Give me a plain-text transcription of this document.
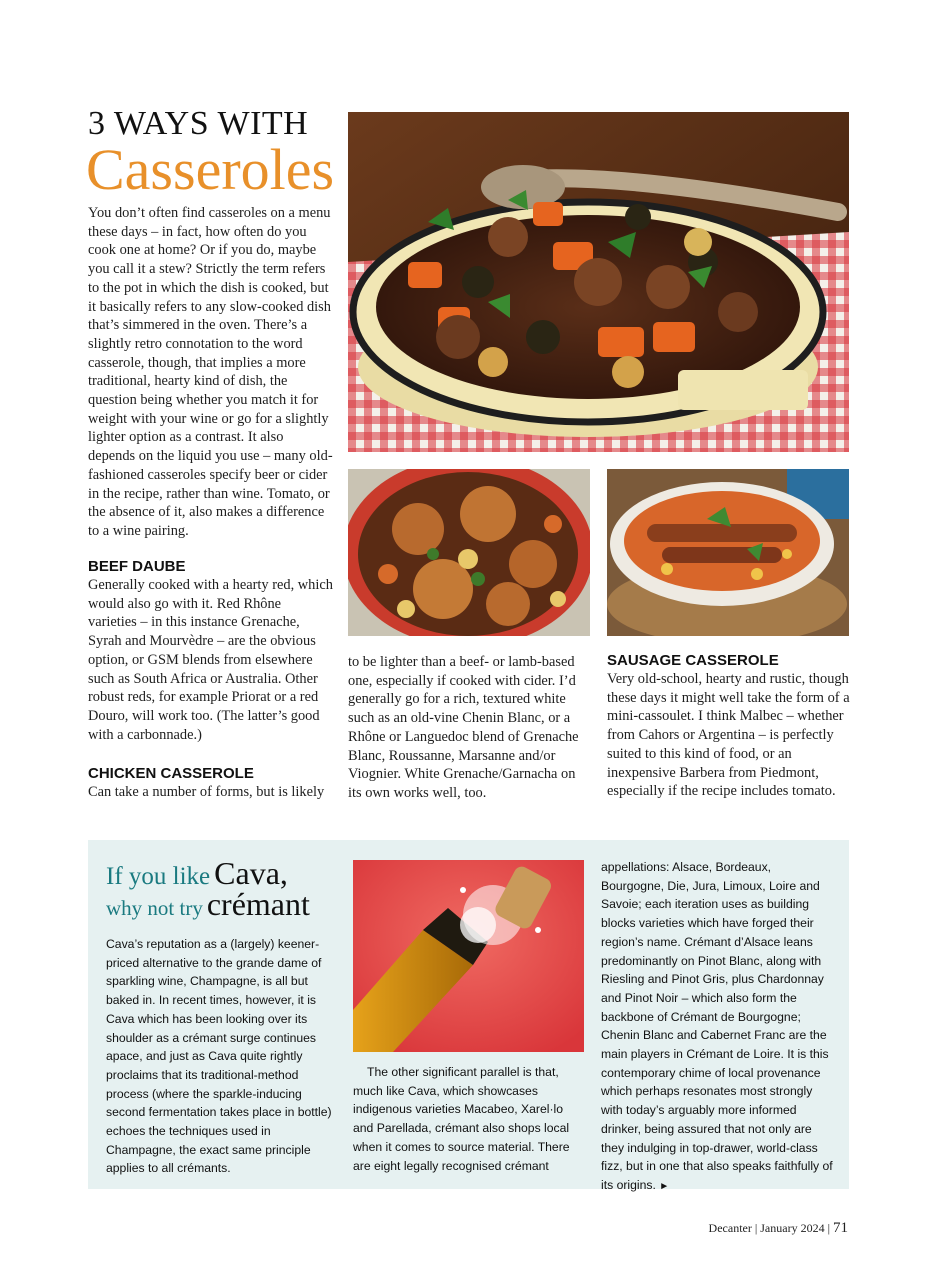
3 WAYS WITH
Casseroles

You don’t often find casseroles on a menu these days – in fact, how often do you cook one at home? Or if you do, maybe you call it a stew? Strictly the term refers to the pot in which the dish is cooked, but it basically refers to any slow-cooked dish that’s simmered in the oven. There’s a slightly retro connotation to the word casserole, though, that implies a more traditional, hearty kind of dish, the question being whether you match it for weight with your wine or go for a slightly lighter option as a contrast. It also depends on the liquid you use – many old-fashioned casseroles specify beer or cider in the recipe, rather than wine. Tomato, or the absence of it, also makes a difference to a wine pairing.

BEEF DAUBE

Generally cooked with a hearty red, which would also go with it. Red Rhône varieties – in this instance Grenache, Syrah and Mourvèdre – are the obvious option, or GSM blends from elsewhere such as South Africa or Australia. Other robust reds, for example Priorat or a red Douro, will work too. (The latter’s good with a carbonnade.)

CHICKEN CASSEROLE

Can take a number of forms, but is likely

to be lighter than a beef- or lamb-based one, especially if cooked with cider. I’d generally go for a rich, textured white such as an old-vine Chenin Blanc, or a Rhône or Languedoc blend of Grenache Blanc, Roussanne, Marsanne and/or Viognier. White Grenache/Garnacha on its own works well, too.

SAUSAGE CASSEROLE

Very old-school, hearty and rustic, though these days it might well take the form of a mini-cassoulet. I think Malbec – whether from Cahors or Argentina – is perfectly suited to this kind of food, or an inexpensive Barbera from Piedmont, especially if the recipe includes tomato.

If you like Cava,
why not try crémant

Cava’s reputation as a (largely) keener-priced alternative to the grande dame of sparkling wine, Champagne, is all but baked in. In recent times, however, it is Cava which has been looking over its shoulder as a crémant surge continues apace, and just as Cava quite rightly proclaims that its traditional-method process (where the sparkle-inducing second fermentation takes place in bottle) echoes the techniques used in Champagne, the exact same principle applies to all crémants.

The other significant parallel is that, much like Cava, which showcases indigenous varieties Macabeo, Xarel·lo and Parellada, crémant also shops local when it comes to source material. There are eight legally recognised crémant

appellations: Alsace, Bordeaux, Bourgogne, Die, Jura, Limoux, Loire and Savoie; each iteration uses as building blocks varieties which have forged their region’s name. Crémant d’Alsace leans predominantly on Pinot Blanc, along with Riesling and Pinot Gris, plus Chardonnay and Pinot Noir – which also form the backbone of Crémant de Bourgogne; Chenin Blanc and Cabernet Franc are the main players in Crémant de Loire. It is this contemporary chime of local provenance which perhaps resonates most strongly with today’s arguably more informed drinker, being assured that not only are they indulging in top-drawer, world-class fizz, but in one that also speaks faithfully of its origins. ►

Decanter | January 2024 | 71
